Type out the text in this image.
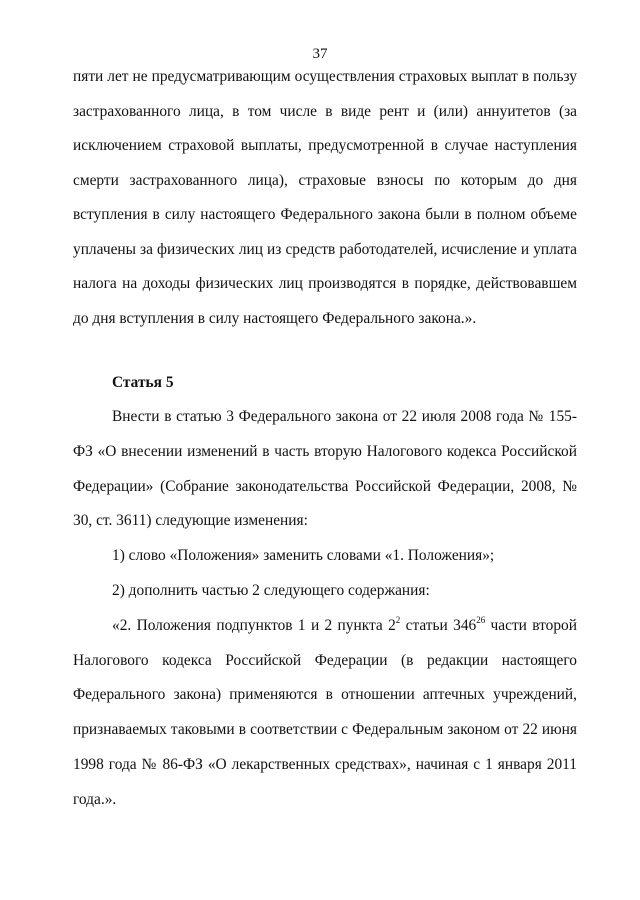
37

пяти лет не предусматривающим осуществления страховых выплат в пользу застрахованного лица, в том числе в виде рент и (или) аннуитетов (за исключением страховой выплаты, предусмотренной в случае наступления смерти застрахованного лица), страховые взносы по которым до дня вступления в силу настоящего Федерального закона были в полном объеме уплачены за физических лиц из средств работодателей, исчисление и уплата налога на доходы физических лиц производятся в порядке, действовавшем до дня вступления в силу настоящего Федерального закона.».

Статья 5

Внести в статью 3 Федерального закона от 22 июля 2008 года № 155-ФЗ «О внесении изменений в часть вторую Налогового кодекса Российской Федерации» (Собрание законодательства Российской Федерации, 2008, № 30, ст. 3611) следующие изменения:

1) слово «Положения» заменить словами «1. Положения»;

2) дополнить частью 2 следующего содержания:

«2. Положения подпунктов 1 и 2 пункта $2^2$ статьи $346^{26}$ части второй Налогового кодекса Российской Федерации (в редакции настоящего Федерального закона) применяются в отношении аптечных учреждений, признаваемых таковыми в соответствии с Федеральным законом от 22 июня 1998 года № 86-ФЗ «О лекарственных средствах», начиная с 1 января 2011 года.».
